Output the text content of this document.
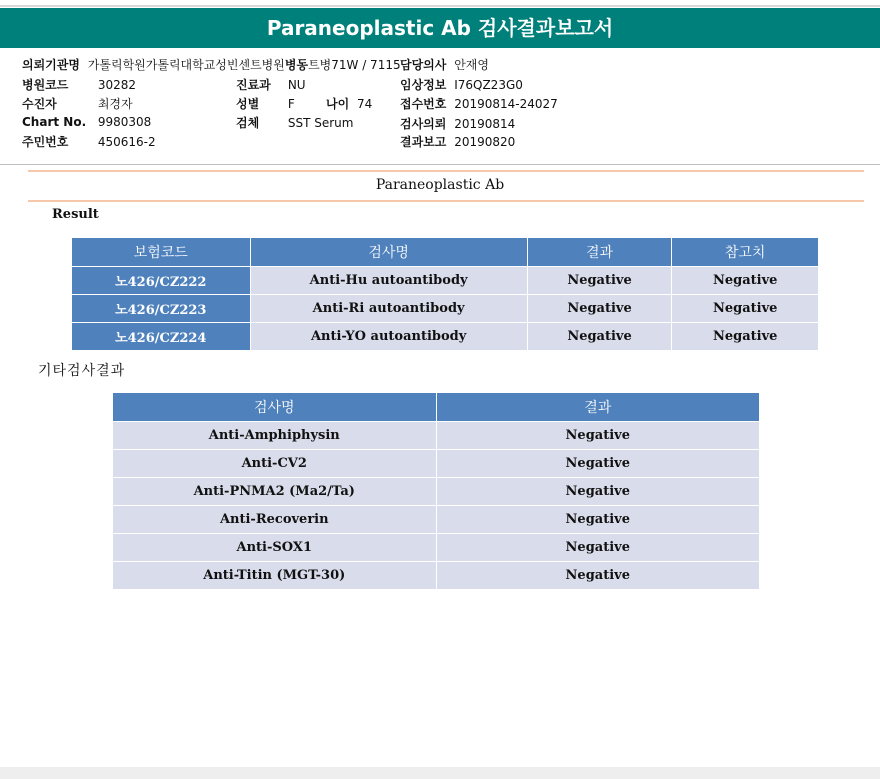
Paraneoplastic Ab 검사결과보고서
의뢰기관명 가톨릭학원가톨릭대학교성빈센트병원병동트병71W / 7115 담당의사 안재영
병원코드 30282	진료과 NU	임상정보 I76QZ23G0
수진자	최경자	성별 F	나이 74 접수번호 20190814-24027
Chart No. 9980308	검체 SST Serum	검사의뢰 20190814
주민번호 450616-2	결과보고 20190820
Paraneoplastic Ab
Result
보험코드	검사명	결과	참고치
노426/CZ222	Anti-Hu autoantibody	Negative	Negative
노426/CZ223	Anti-Ri autoantibody	Negative	Negative
노426/CZ224	Anti-YO autoantibody	Negative	Negative
기타검사결과
검사명	결과
Anti-Amphiphysin	Negative
Anti-CV2	Negative
Anti-PNMA2 (Ma2/Ta)	Negative
Anti-Recoverin	Negative
Anti-SOX1	Negative
Anti-Titin (MGT-30)	Negative
